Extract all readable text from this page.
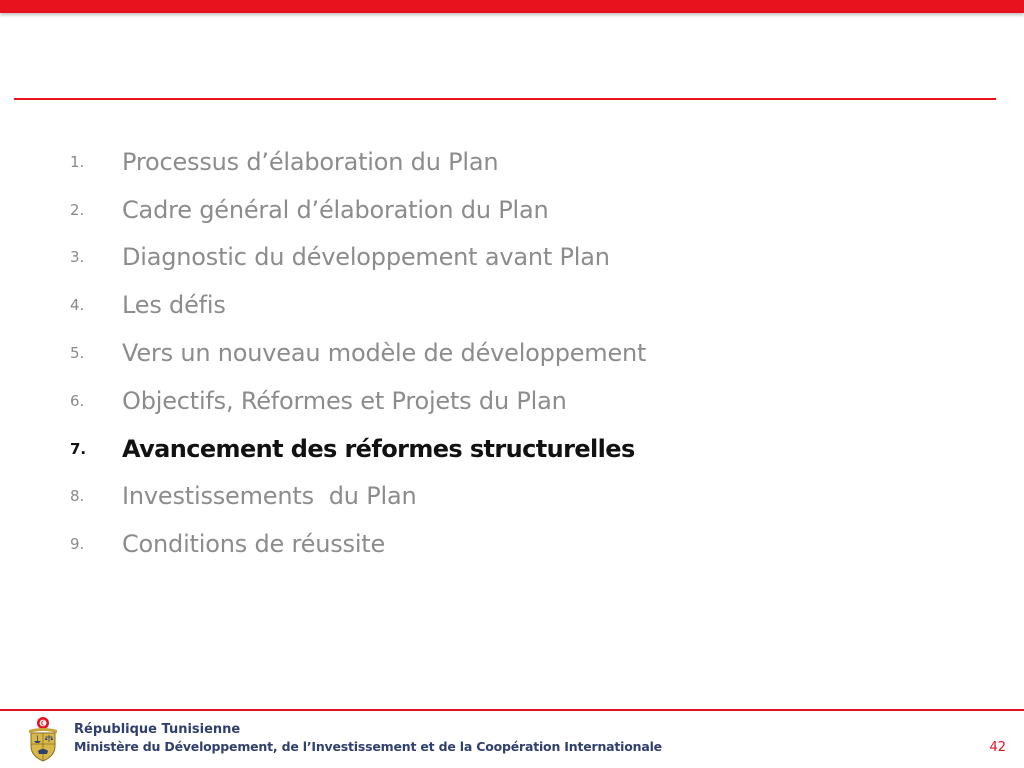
1.	Processus d’élaboration du Plan
2.	Cadre général d’élaboration du Plan
3.	Diagnostic du développement avant Plan
4.	Les défis
5.	Vers un nouveau modèle de développement
6.	Objectifs, Réformes et Projets du Plan
7.	Avancement des réformes structurelles
8.	Investissements  du Plan
9.	Conditions de réussite
République Tunisienne
Ministère du Développement, de l’Investissement et de la Coopération Internationale	42
